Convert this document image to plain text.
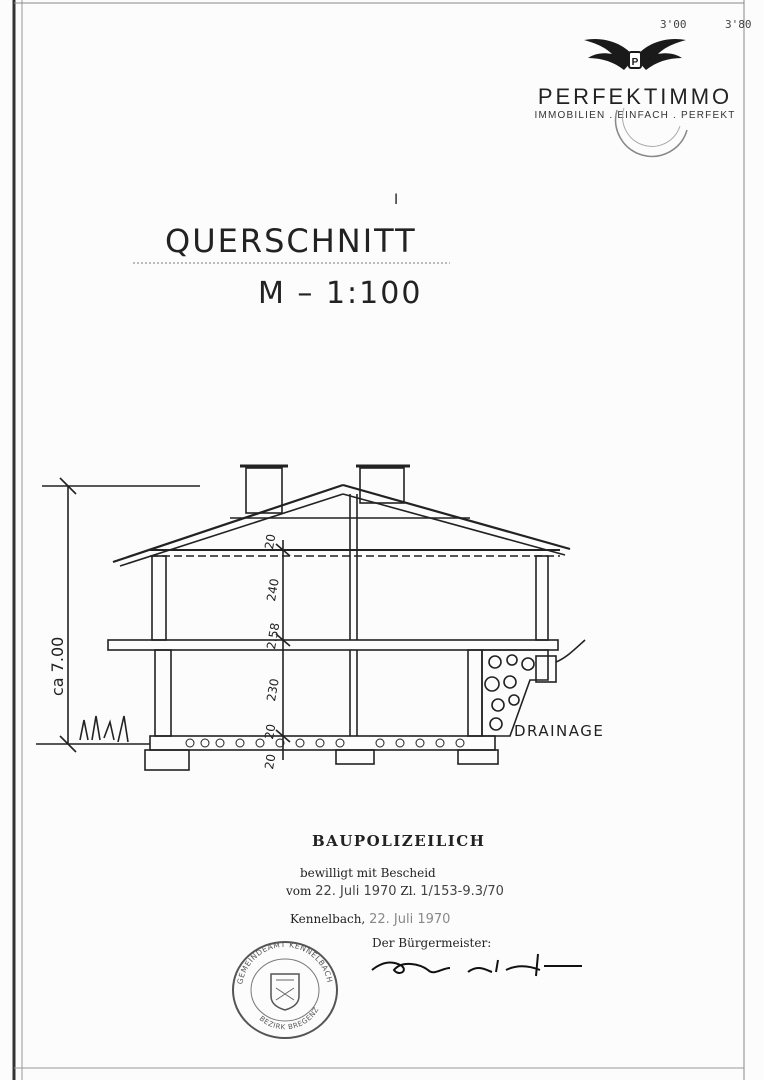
3'00	3'80
P
PERFEKTIMMO
IMMOBILIEN . EINFACH . PERFEKT
I
QUERSCHNITT
M – 1:100
ca 7.00
20
240
2.58
230
20
20
DRAINAGE
BAUPOLIZEILICH
bewilligt mit Bescheid
vom 22. Juli 1970 Zl. 1/153-9.3/70
Kennelbach, 22. Juli 1970
Der Bürgermeister:
GEMEINDEAMT KENNELBACH
BEZIRK BREGENZ
